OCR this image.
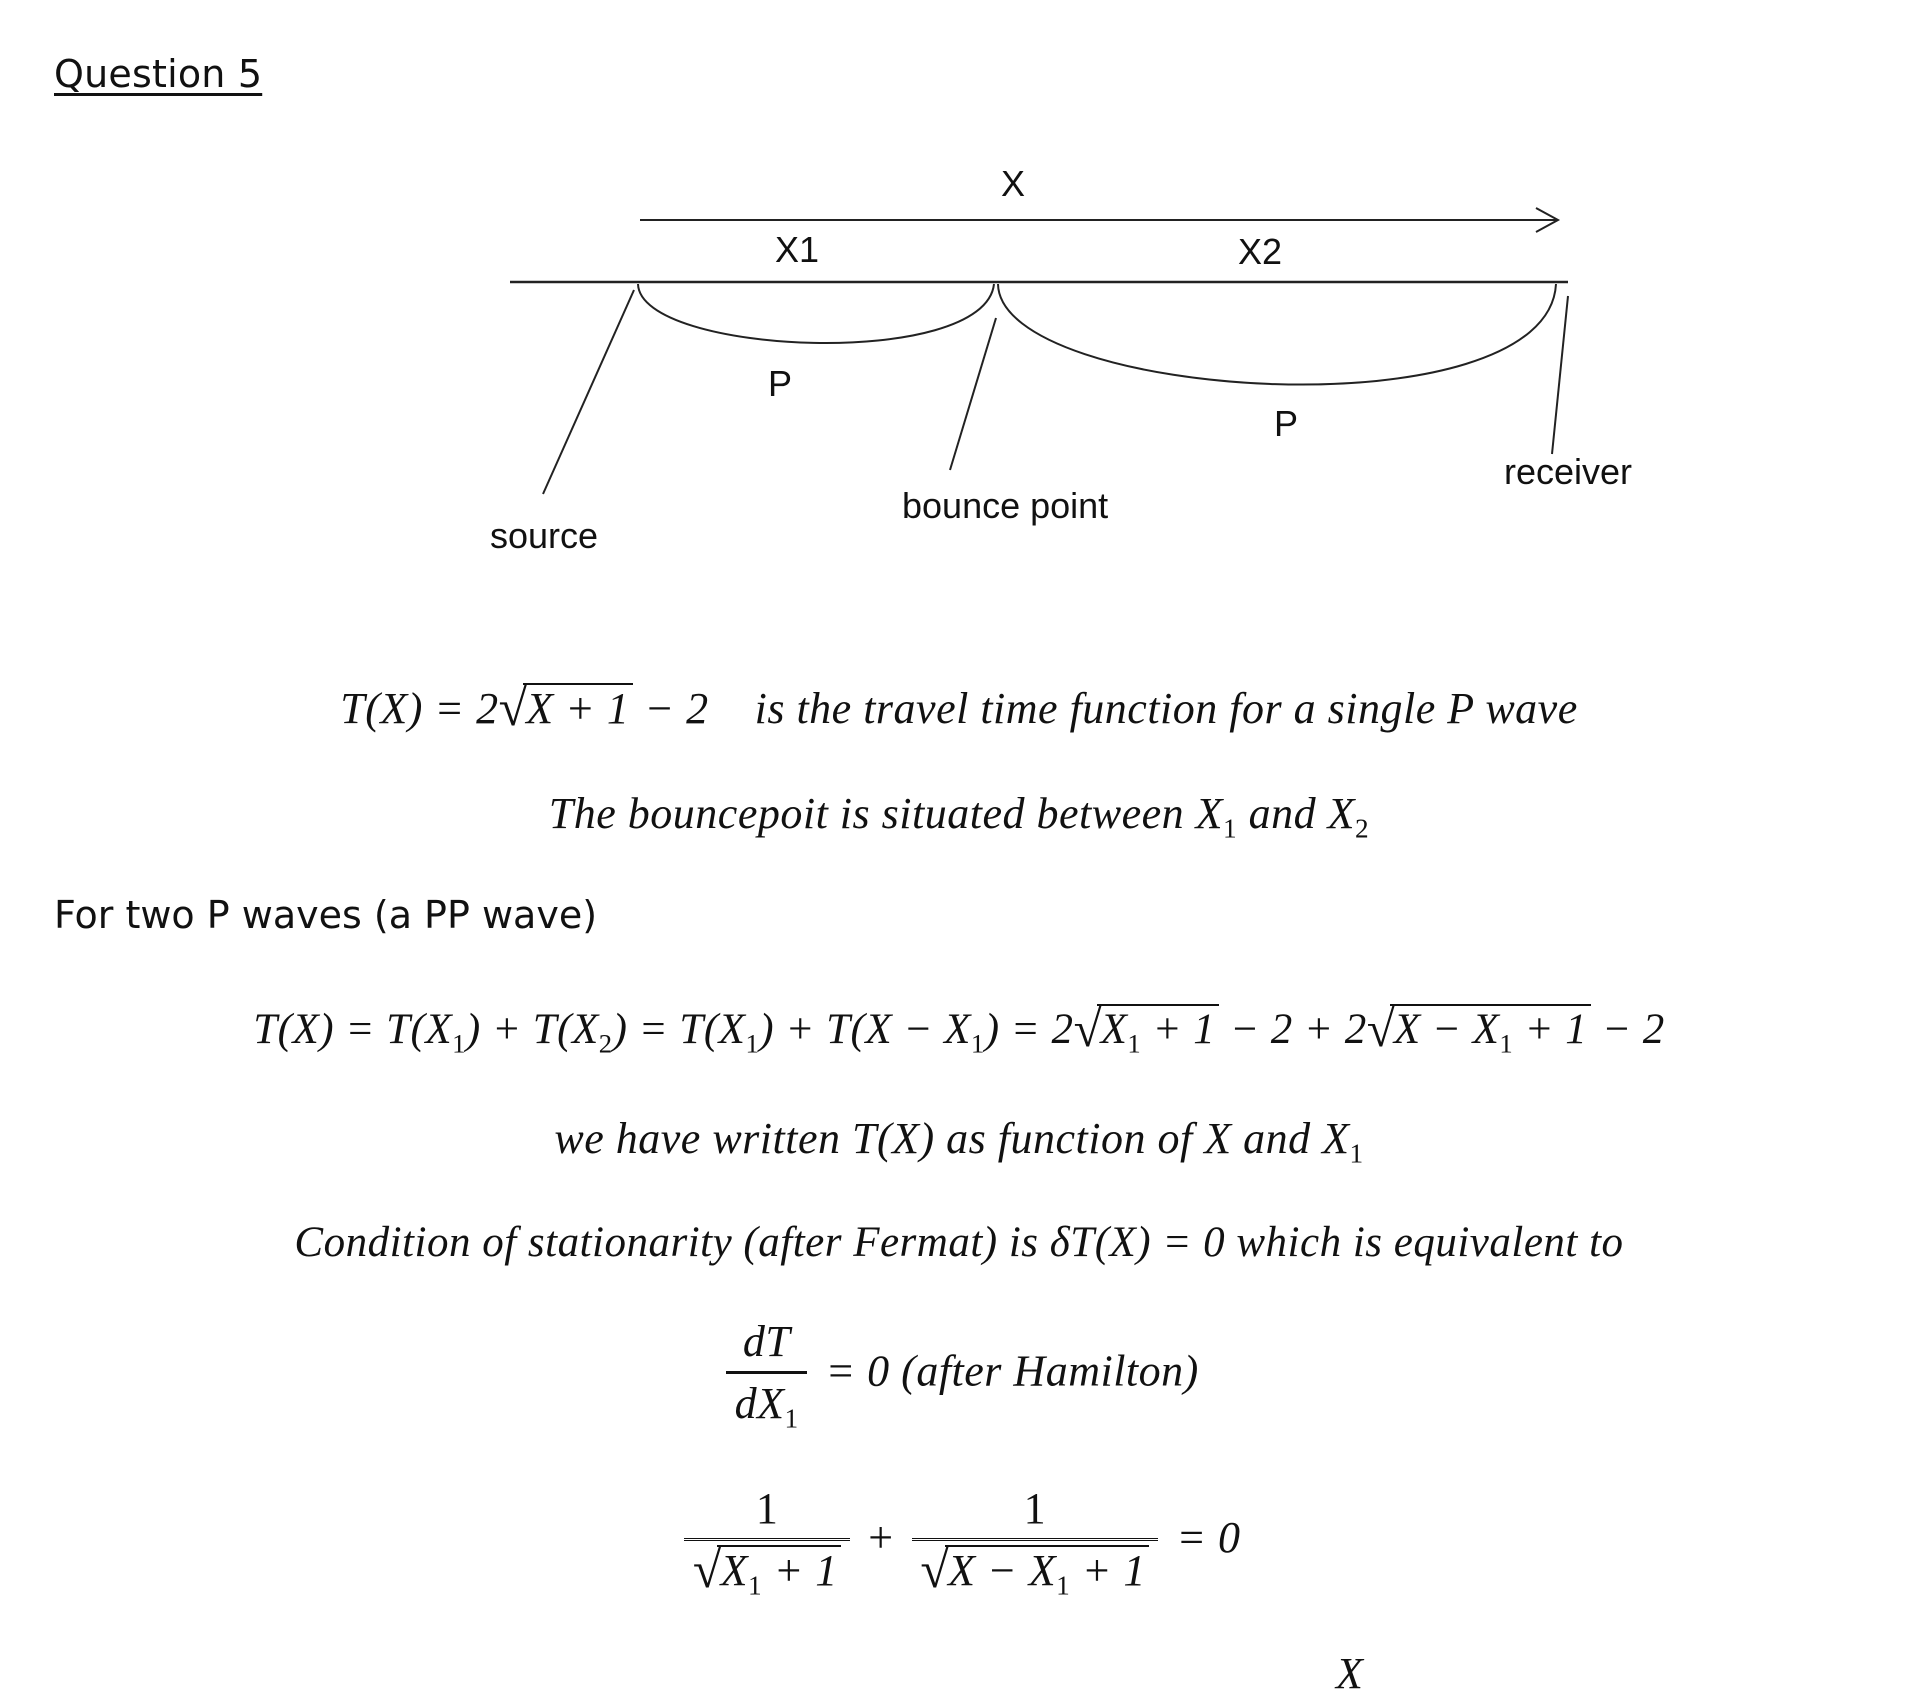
Question 5
X
X1	X2
P
P
source
bounce point
receiver
T(X) = 2√ X + 1 − 2 is the travel time function for a single P wave
The bouncepoit is situated between $X_1$ and $X_2$
For two P waves (a PP wave)
$T(X) = T(X_1) + T(X_2) = T(X_1) + T(X - X_1) = 2√$ $X_1 + 1 - 2 + 2√$ $X - X_1 + 1 - 2$
we have written T(X) as function of X and $X_1$
Condition of stationarity (after Fermat) is δT(X) = 0 which is equivalent to
$\frac{dT}{dX_1} = 0$ (after Hamilton)
1
√ $X_1 + 1 + 1$
√ $X - X_1 + 1 = 0$
X
